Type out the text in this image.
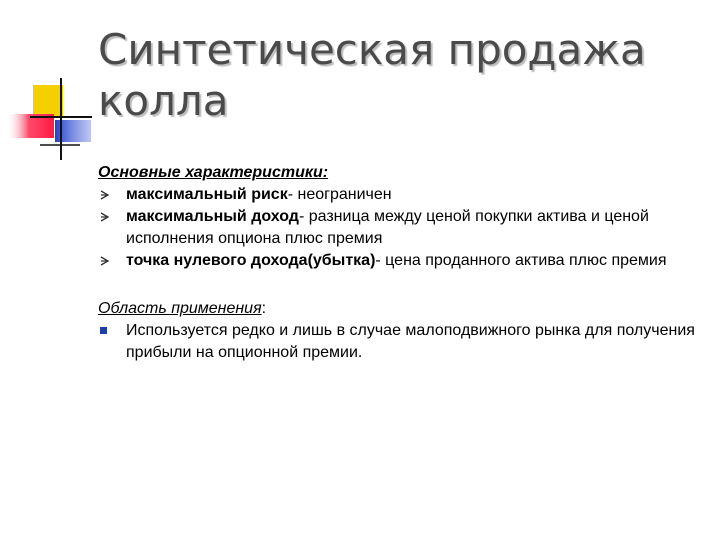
Синтетическая продажа колла

Основные характеристики:

максимальный риск- неограничен
максимальный доход- разница между ценой покупки актива и ценой исполнения опциона плюс премия
точка нулевого дохода(убытка)- цена проданного актива плюс премия

Область применения:

Используется редко и лишь в случае малоподвижного рынка для получения прибыли на опционной премии.
